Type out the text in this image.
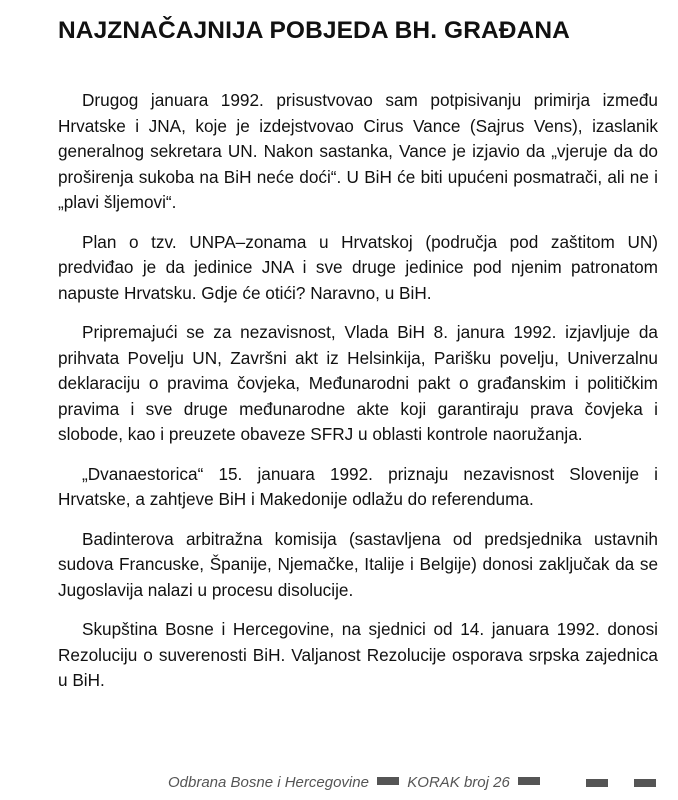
NAJZNAČAJNIJA POBJEDA BH. GRAĐANA

Drugog januara 1992. prisustvovao sam potpisivanju primirja između Hrvatske i JNA, koje je izdejstvovao Cirus Vance (Sajrus Vens), izaslanik generalnog sekretara UN. Nakon sastanka, Vance je izjavio da „vjeruje da do proširenja sukoba na BiH neće doći“. U BiH će biti upućeni posmatrači, ali ne i „plavi šljemovi“.

Plan o tzv. UNPA–zonama u Hrvatskoj (područja pod zaštitom UN) predviđao je da jedinice JNA i sve druge jedinice pod njenim patronatom napuste Hrvatsku. Gdje će otići? Naravno, u BiH.

Pripremajući se za nezavisnost, Vlada BiH 8. janura 1992. izjavljuje da prihvata Povelju UN, Završni akt iz Helsinkija, Parišku povelju, Univerzalnu deklaraciju o pravima čovjeka, Međunarodni pakt o građanskim i političkim pravima i sve druge međunarodne akte koji garantiraju prava čovjeka i slobode, kao i preuzete obaveze SFRJ u oblasti kontrole naoružanja.

„Dvanaestorica“ 15. januara 1992. priznaju nezavisnost Slovenije i Hrvatske, a zahtjeve BiH i Makedonije odlažu do referenduma.

Badinterova arbitražna komisija (sastavljena od predsjednika ustavnih sudova Francuske, Španije, Njemačke, Italije i Belgije) donosi zaključak da se Jugoslavija nalazi u procesu disolucije.

Skupština Bosne i Hercegovine, na sjednici od 14. januara 1992. donosi Rezoluciju o suverenosti BiH. Valjanost Rezolucije osporava srpska zajednica u BiH.

Odbrana Bosne i Hercegovine	KORAK broj 26
